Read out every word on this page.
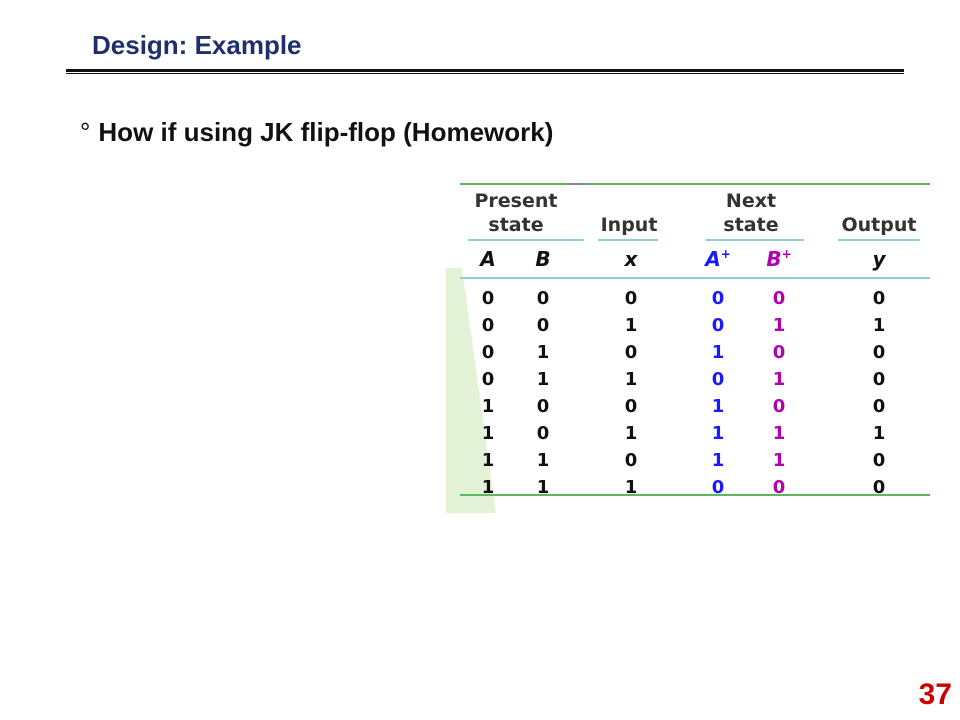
Design: Example
° How if using JK flip-flop (Homework)
Present
state	Input
Next
state	Output
A B	x	A+ B+	y
0 0	0	0	0	0
0 0	1	0	1	1
0 1	0	1	0	0
0 1	1	0	1	0
1 0	0	1	0	0
1 0	1	1	1	1
1 1	0	1	1	0
1 1	1	0	0	0
37
